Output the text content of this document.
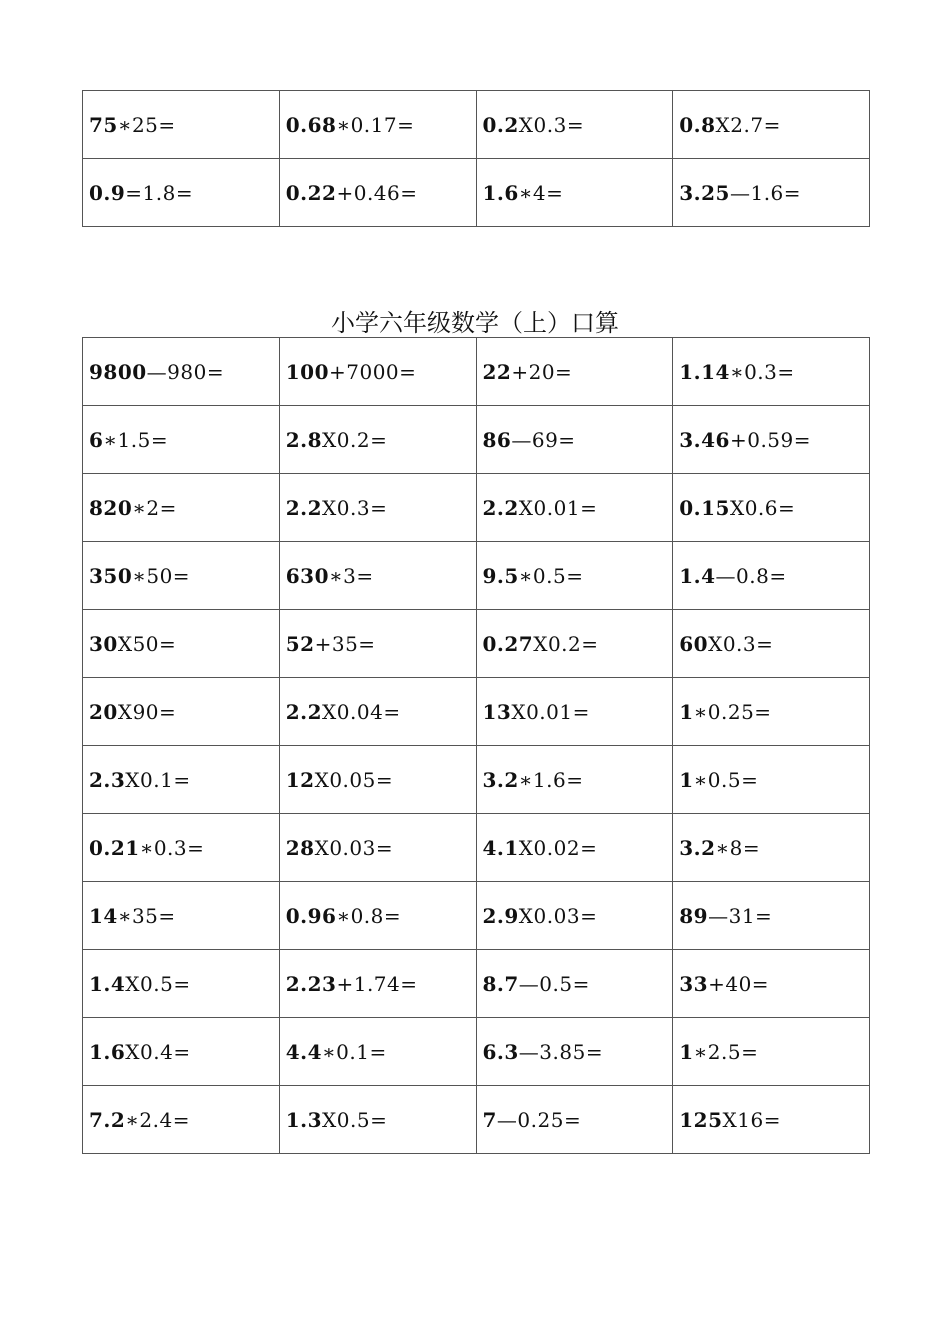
75∗25=	0.68∗0.17=	0.2X0.3=	0.8X2.7=
0.9=1.8=	0.22+0.46=	1.6∗4=	3.25—1.6=
小学六年级数学（上）口算
9800—980=	100+7000=	22+20=	1.14∗0.3=
6∗1.5=	2.8X0.2=	86—69=	3.46+0.59=
820∗2=	2.2X0.3=	2.2X0.01=	0.15X0.6=
350∗50=	630∗3=	9.5∗0.5=	1.4—0.8=
30X50=	52+35=	0.27X0.2=	60X0.3=
20X90=	2.2X0.04=	13X0.01=	1∗0.25=
2.3X0.1=	12X0.05=	3.2∗1.6=	1∗0.5=
0.21∗0.3=	28X0.03=	4.1X0.02=	3.2∗8=
14∗35=	0.96∗0.8=	2.9X0.03=	89—31=
1.4X0.5=	2.23+1.74=	8.7—0.5=	33+40=
1.6X0.4=	4.4∗0.1=	6.3—3.85=	1∗2.5=
7.2∗2.4=	1.3X0.5=	7—0.25=	125X16=
